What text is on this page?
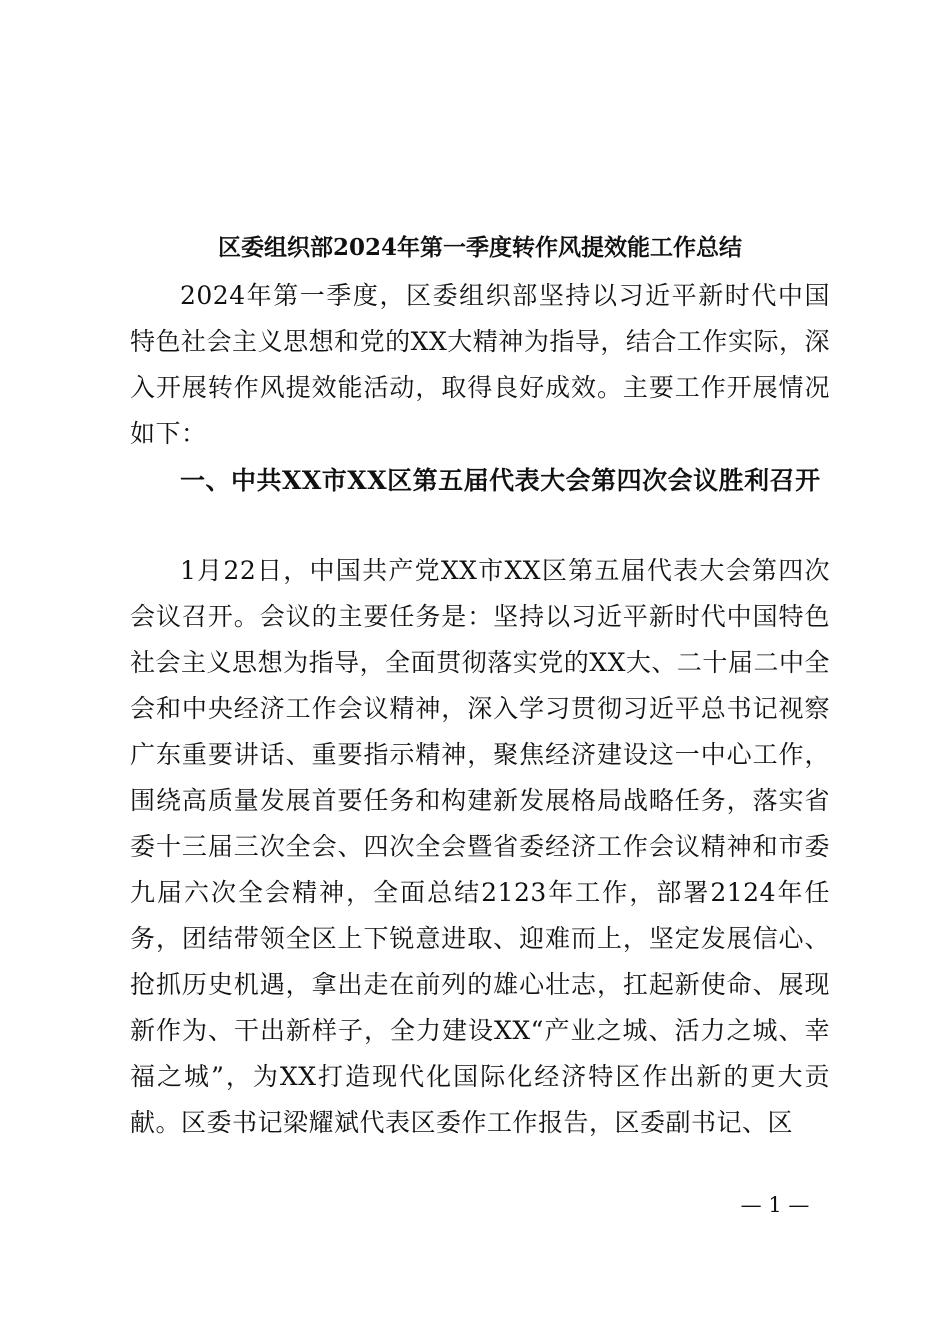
区委组织部2024年第一季度转作风提效能工作总结

2024年第一季度，区委组织部坚持以习近平新时代中国特色社会主义思想和党的XX大精神为指导，结合工作实际，深入开展转作风提效能活动，取得良好成效。主要工作开展情况如下：

一、中共XX市XX区第五届代表大会第四次会议胜利召开

1月22日，中国共产党XX市XX区第五届代表大会第四次会议召开。会议的主要任务是：坚持以习近平新时代中国特色社会主义思想为指导，全面贯彻落实党的XX大、二十届二中全会和中央经济工作会议精神，深入学习贯彻习近平总书记视察广东重要讲话、重要指示精神，聚焦经济建设这一中心工作，围绕高质量发展首要任务和构建新发展格局战略任务，落实省委十三届三次全会、四次全会暨省委经济工作会议精神和市委九届六次全会精神，全面总结2123年工作，部署2124年任务，团结带领全区上下锐意进取、迎难而上，坚定发展信心、抢抓历史机遇，拿出走在前列的雄心壮志，扛起新使命、展现新作为、干出新样子，全力建设XX“产业之城、活力之城、幸福之城”，为XX打造现代化国际化经济特区作出新的更大贡献。区委书记梁耀斌代表区委作工作报告，区委副书记、区

— 1 —
